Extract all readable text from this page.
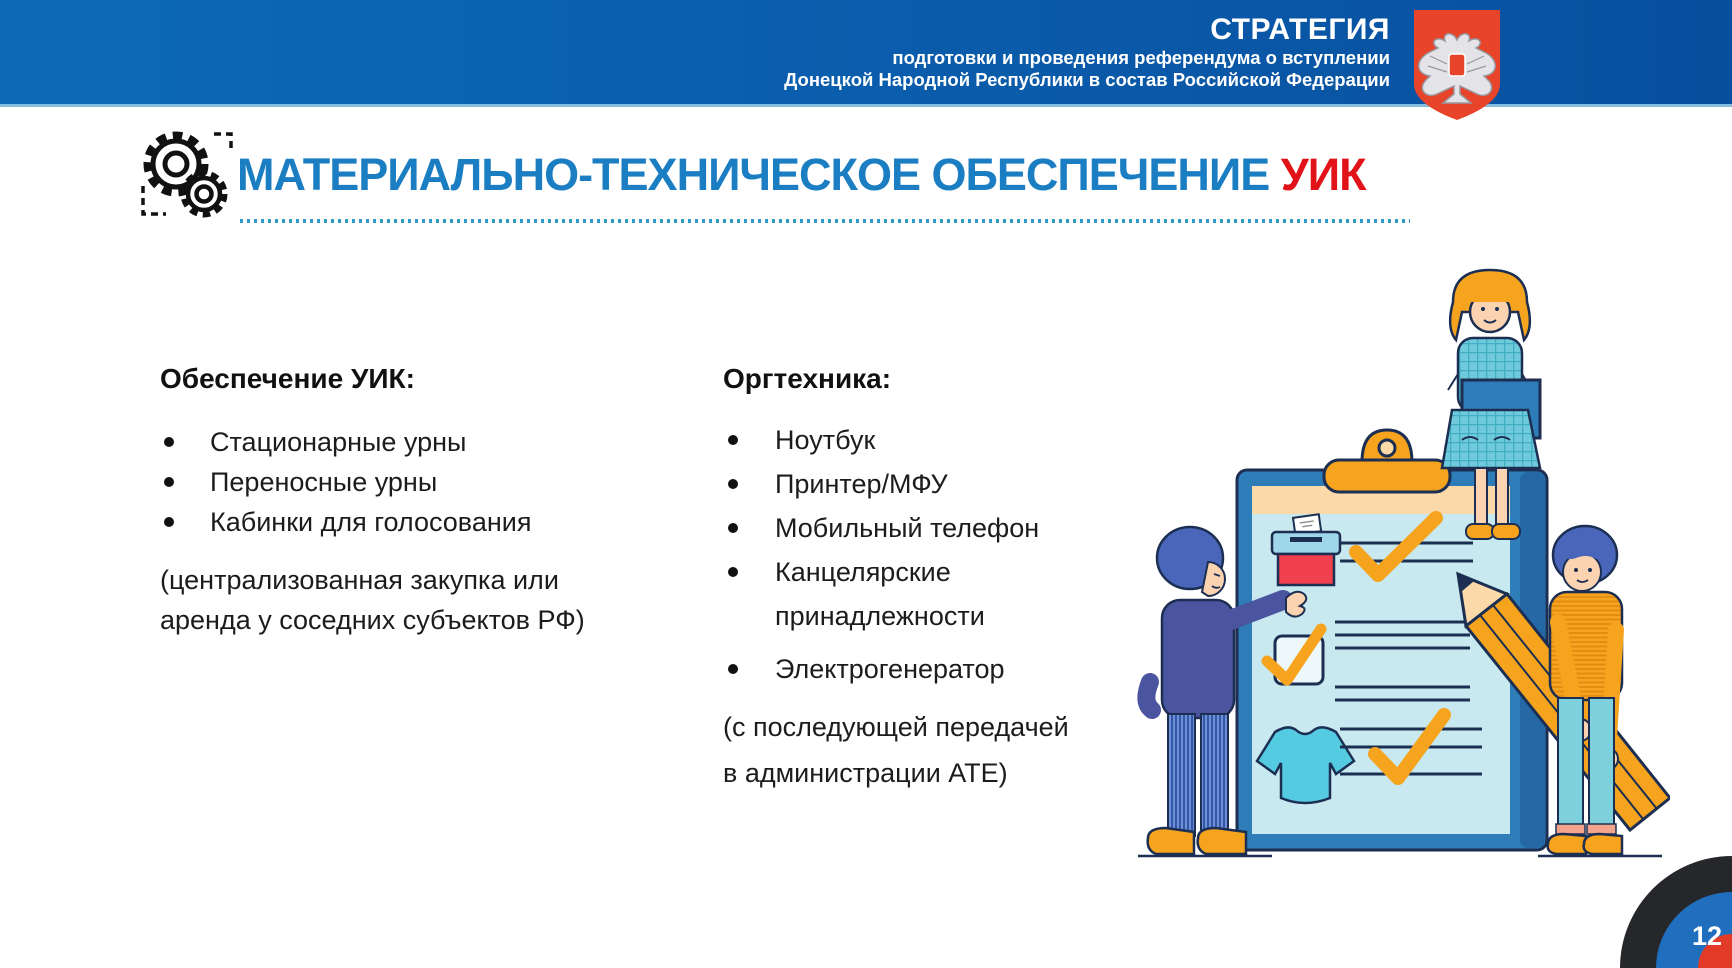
СТРАТЕГИЯ
подготовки и проведения референдума о вступлении
Донецкой Народной Республики в состав Российской Федерации
МАТЕРИАЛЬНО-ТЕХНИЧЕСКОЕ ОБЕСПЕЧЕНИЕ УИК
Обеспечение УИК:
Стационарные урны
Переносные урны
Кабинки для голосования
(централизованная закупка или
аренда у соседних субъектов РФ)
Оргтехника:
Ноутбук
Принтер/МФУ
Мобильный телефон
Канцелярские принадлежности
Электрогенератор
(с последующей передачей
в администрации АТЕ)
12
